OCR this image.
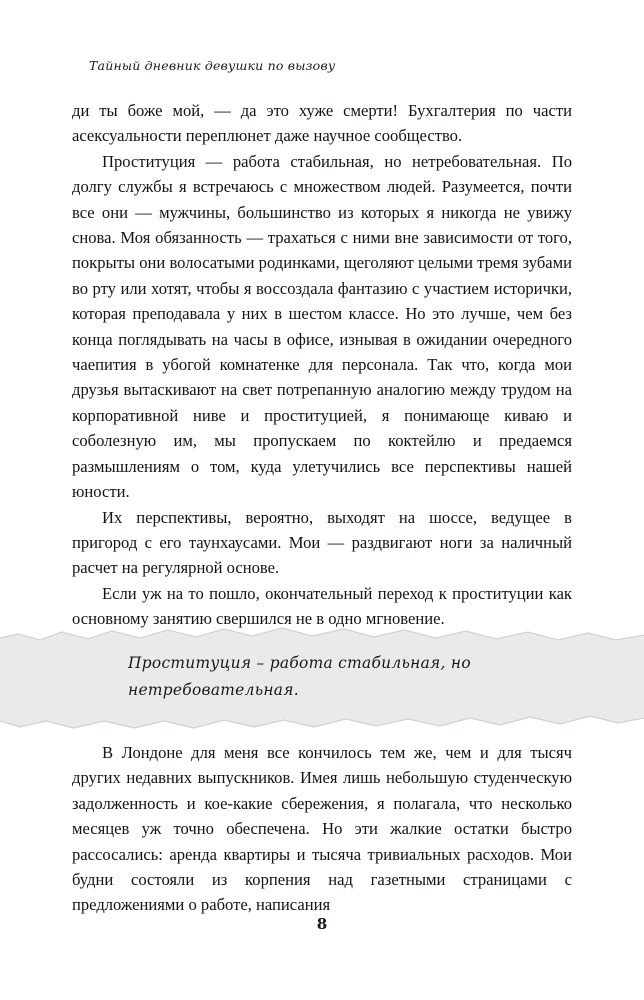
Тайный дневник девушки по вызову

ди ты боже мой, — да это хуже смерти! Бухгалтерия по части асексуальности переплюнет даже научное сообщество.

Проституция — работа стабильная, но нетребовательная. По долгу службы я встречаюсь с множеством людей. Разумеется, почти все они — мужчины, большинство из которых я никогда не увижу снова. Моя обязанность — трахаться с ними вне зависимости от того, покрыты они волосатыми родинками, щеголяют целыми тремя зубами во рту или хотят, чтобы я воссоздала фантазию с участием исторички, которая преподавала у них в шестом классе. Но это лучше, чем без конца поглядывать на часы в офисе, изнывая в ожидании очередного чаепития в убогой комнатенке для персонала. Так что, когда мои друзья вытаскивают на свет потрепанную аналогию между трудом на корпоративной ниве и проституцией, я понимающе киваю и соболезную им, мы пропускаем по коктейлю и предаемся размышлениям о том, куда улетучились все перспективы нашей юности.

Их перспективы, вероятно, выходят на шоссе, ведущее в пригород с его таунхаусами. Мои — раздвигают ноги за наличный расчет на регулярной основе.

Если уж на то пошло, окончательный переход к проституции как основному занятию свершился не в одно мгновение.

Проституция – работа стабильная, но нетребовательная.

В Лондоне для меня все кончилось тем же, чем и для тысяч других недавних выпускников. Имея лишь небольшую студенческую задолженность и кое-какие сбережения, я полагала, что несколько месяцев уж точно обеспечена. Но эти жалкие остатки быстро рассосались: аренда квартиры и тысяча тривиальных расходов. Мои будни состояли из корпения над газетными страницами с предложениями о работе, написания

8
